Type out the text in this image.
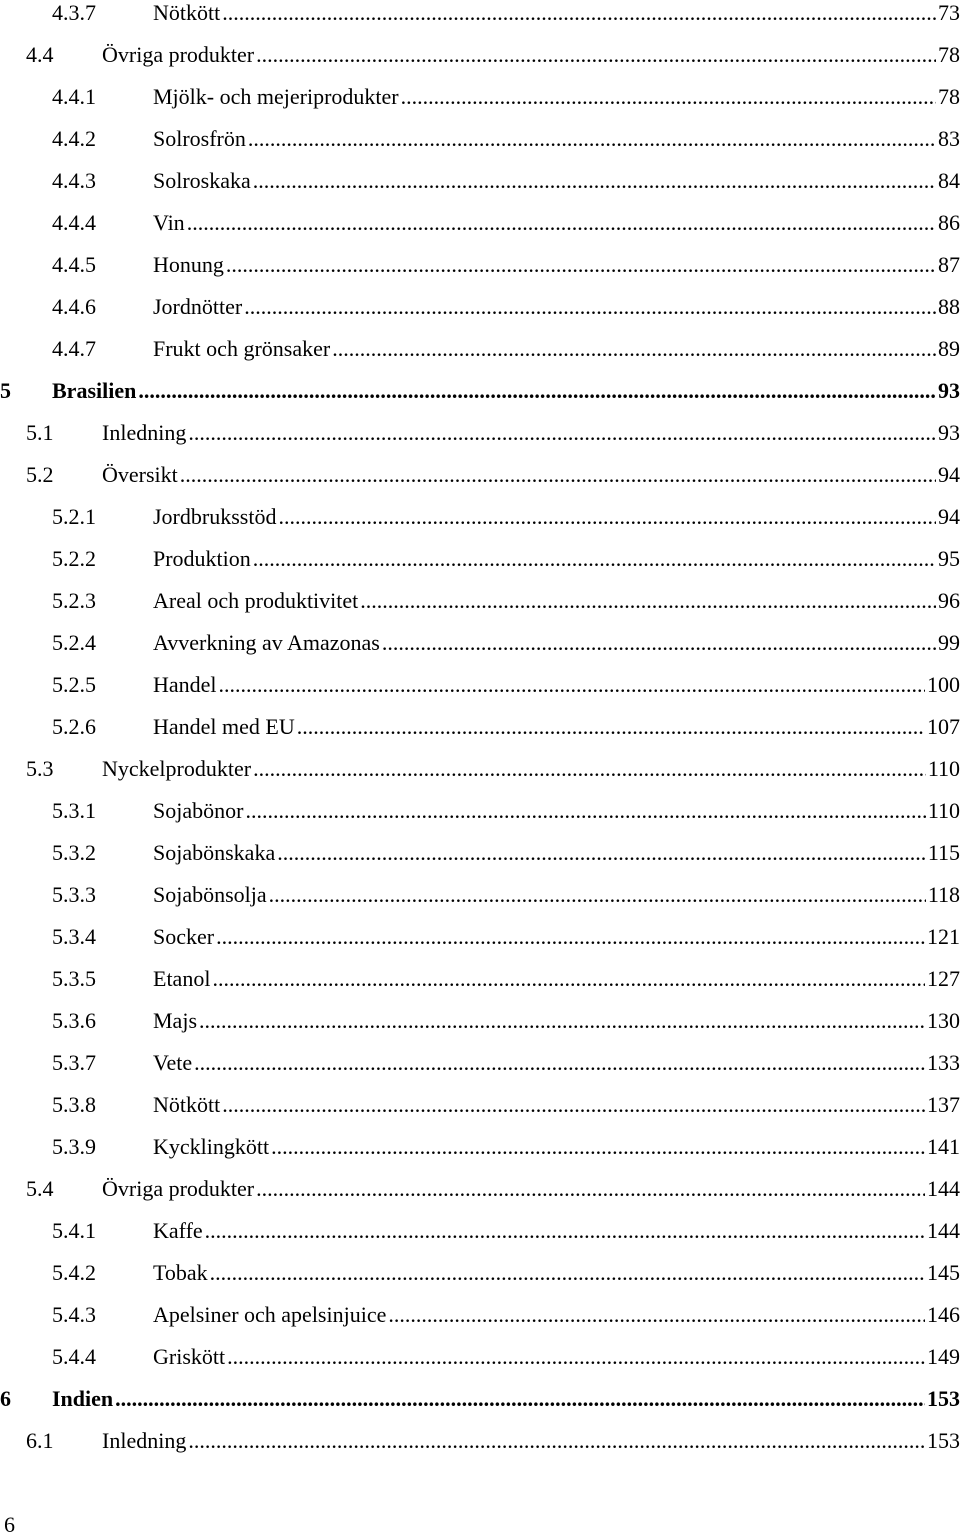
4.3.7	Nötkött .....	73
4.4 Övriga produkter .....	78
4.4.1	Mjölk- och mejeriprodukter .....	78
4.4.2	Solrosfrön .....	83
4.4.3	Solroskaka .....	84
4.4.4	Vin .....	86
4.4.5	Honung .....	87
4.4.6	Jordnötter .....	88
4.4.7	Frukt och grönsaker .....	89
5 Brasilien .....	93
5.1 Inledning .....	93
5.2 Översikt .....	94
5.2.1	Jordbruksstöd .....	94
5.2.2	Produktion .....	95
5.2.3	Areal och produktivitet .....	96
5.2.4	Avverkning av Amazonas .....	99
5.2.5	Handel .....	100
5.2.6	Handel med EU .....	107
5.3 Nyckelprodukter .....	110
5.3.1	Sojabönor .....	110
5.3.2	Sojabönskaka .....	115
5.3.3	Sojabönsolja .....	118
5.3.4	Socker .....	121
5.3.5	Etanol .....	127
5.3.6	Majs .....	130
5.3.7	Vete .....	133
5.3.8	Nötkött .....	137
5.3.9	Kycklingkött .....	141
5.4 Övriga produkter .....	144
5.4.1	Kaffe .....	144
5.4.2	Tobak .....	145
5.4.3	Apelsiner och apelsinjuice .....	146
5.4.4	Griskött .....	149
6 Indien .....	153
6.1 Inledning .....	153
6
